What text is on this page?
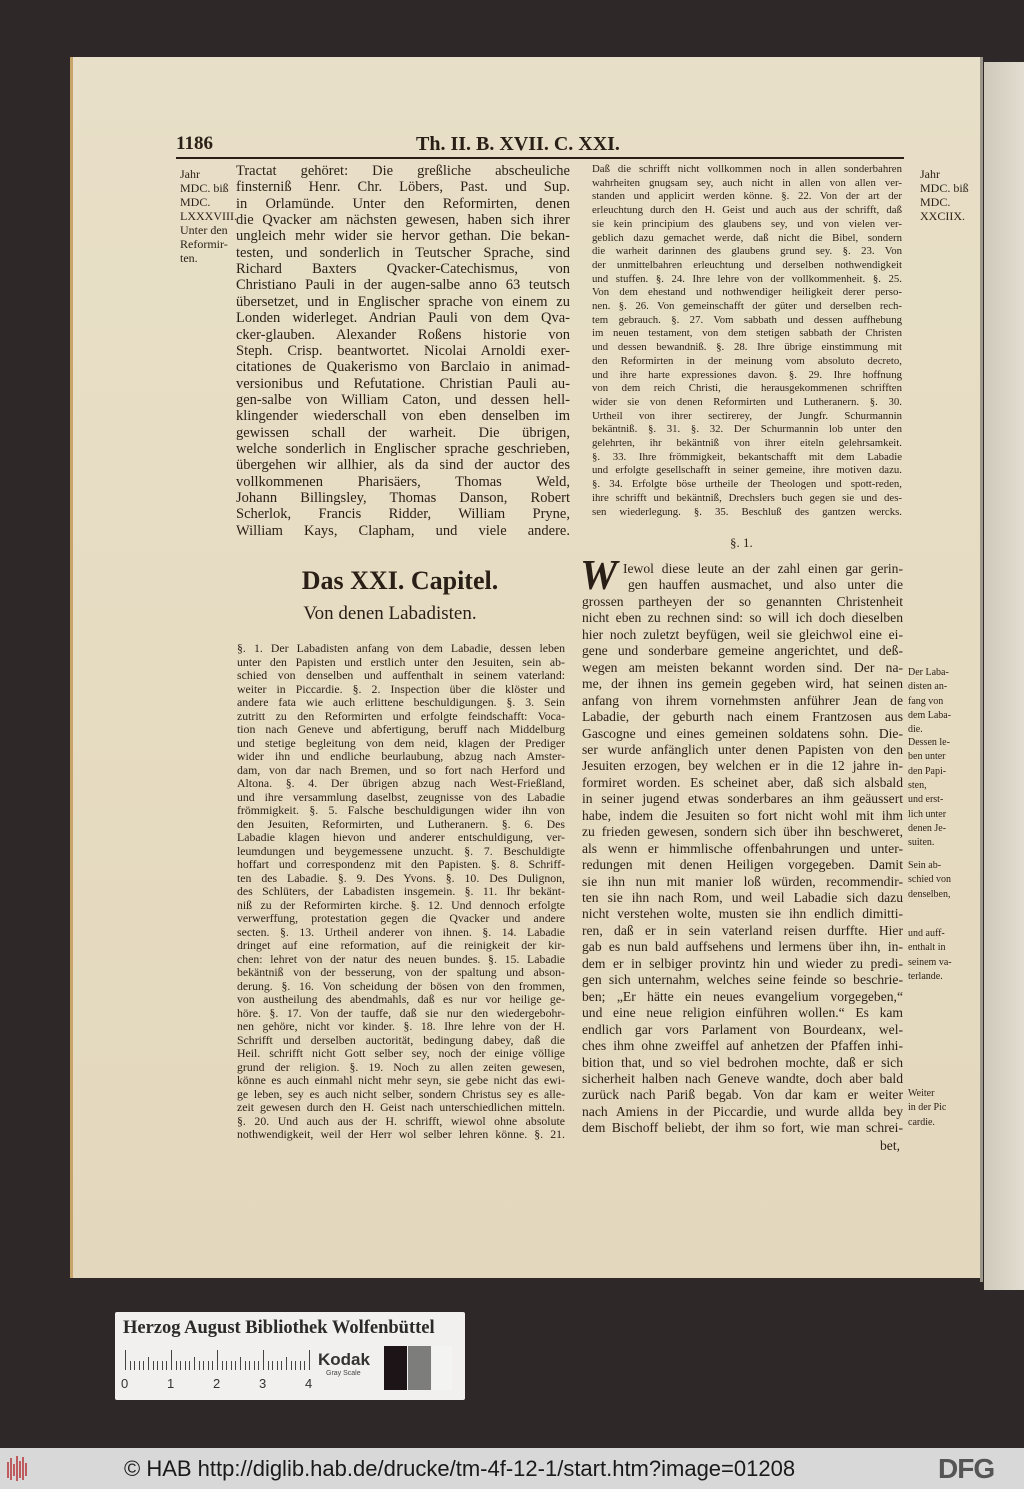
1186	Th. II. B. XVII. C. XXI.
Tractat gehöret: Die greßliche abscheuliche
finsterniß Henr. Chr. Löbers, Past. und Sup.
in Orlamünde. Unter den Reformirten, denen
die Qvacker am nächsten gewesen, haben sich ihrer
ungleich mehr wider sie hervor gethan. Die bekan-
testen, und sonderlich in Teutscher Sprache, sind
Richard Baxters Qvacker-Catechismus, von
Christiano Pauli in der augen-salbe anno 63 teutsch
übersetzet, und in Englischer sprache von einem zu
Londen widerleget. Andrian Pauli von dem Qva-
cker-glauben. Alexander Roßens historie von
Steph. Crisp. beantwortet. Nicolai Arnoldi exer-
citationes de Quakerismo von Barclaio in animad-
versionibus und Refutatione. Christian Pauli au-
gen-salbe von William Caton, und dessen hell-
klingender wiederschall von eben denselben im
gewissen schall der warheit. Die übrigen,
welche sonderlich in Englischer sprache geschrieben,
übergehen wir allhier, als da sind der auctor des
vollkommenen Pharisäers, Thomas Weld,
Johann Billingsley, Thomas Danson, Robert
Scherlok, Francis Ridder, William Pryne,
William Kays, Clapham, und viele andere.
Daß die schrifft nicht vollkommen noch in allen sonderbahren
wahrheiten gnugsam sey, auch nicht in allen von allen ver-
standen und applicirt werden könne. §. 22. Von der art der
erleuchtung durch den H. Geist und auch aus der schrifft, daß
sie kein principium des glaubens sey, und von vielen ver-
geblich dazu gemachet werde, daß nicht die Bibel, sondern
die warheit darinnen des glaubens grund sey. §. 23. Von
der unmittelbahren erleuchtung und derselben nothwendigkeit
und stuffen. §. 24. Ihre lehre von der vollkommenheit. §. 25.
Von dem ehestand und nothwendiger heiligkeit derer perso-
nen. §. 26. Von gemeinschafft der güter und derselben rech-
tem gebrauch. §. 27. Vom sabbath und dessen auffhebung
im neuen testament, von dem stetigen sabbath der Christen
und dessen bewandniß. §. 28. Ihre übrige einstimmung mit
den Reformirten in der meinung vom absoluto decreto,
und ihre harte expressiones davon. §. 29. Ihre hoffnung
von dem reich Christi, die herausgekommenen schrifften
wider sie von denen Reformirten und Lutheranern. §. 30.
Urtheil von ihrer sectirerey, der Jungfr. Schurmannin
bekäntniß. §. 31. §. 32. Der Schurmannin lob unter den
gelehrten, ihr bekäntniß von ihrer eiteln gelehrsamkeit.
§. 33. Ihre frömmigkeit, bekantschafft mit dem Labadie
und erfolgte gesellschafft in seiner gemeine, ihre motiven dazu.
§. 34. Erfolgte böse urtheile der Theologen und spott-reden,
ihre schrifft und bekäntniß, Drechslers buch gegen sie und des-
sen wiederlegung. §. 35. Beschluß des gantzen wercks.
§. 1. Der Labadisten anfang von dem Labadie, dessen leben
unter den Papisten und erstlich unter den Jesuiten, sein ab-
schied von denselben und auffenthalt in seinem vaterland:
weiter in Piccardie. §. 2. Inspection über die klöster und
andere fata wie auch erlittene beschuldigungen. §. 3. Sein
zutritt zu den Reformirten und erfolgte feindschafft: Voca-
tion nach Geneve und abfertigung, beruff nach Middelburg
und stetige begleitung von dem neid, klagen der Prediger
wider ihn und endliche beurlaubung, abzug nach Amster-
dam, von dar nach Bremen, und so fort nach Herford und
Altona. §. 4. Der übrigen abzug nach West-Frießland,
und ihre versammlung daselbst, zeugnisse von des Labadie
frömmigkeit. §. 5. Falsche beschuldigungen wider ihn von
den Jesuiten, Reformirten, und Lutheranern. §. 6. Des
Labadie klagen hievon und anderer entschuldigung, ver-
leumdungen und beygemessene unzucht. §. 7. Beschuldigte
hoffart und correspondenz mit den Papisten. §. 8. Schriff-
ten des Labadie. §. 9. Des Yvons. §. 10. Des Dulignon,
des Schlüters, der Labadisten insgemein. §. 11. Ihr bekänt-
niß zu der Reformirten kirche. §. 12. Und dennoch erfolgte
verwerffung, protestation gegen die Qvacker und andere
secten. §. 13. Urtheil anderer von ihnen. §. 14. Labadie
dringet auf eine reformation, auf die reinigkeit der kir-
chen: lehret von der natur des neuen bundes. §. 15. Labadie
bekäntniß von der besserung, von der spaltung und abson-
derung. §. 16. Von scheidung der bösen von den frommen,
von austheilung des abendmahls, daß es nur vor heilige ge-
höre. §. 17. Von der tauffe, daß sie nur den wiedergebohr-
nen gehöre, nicht vor kinder. §. 18. Ihre lehre von der H.
Schrifft und derselben auctorität, bedingung dabey, daß die
Heil. schrifft nicht Gott selber sey, noch der einige völlige
grund der religion. §. 19. Noch zu allen zeiten gewesen,
könne es auch einmahl nicht mehr seyn, sie gebe nicht das ewi-
ge leben, sey es auch nicht selber, sondern Christus sey es alle-
zeit gewesen durch den H. Geist nach unterschiedlichen mitteln.
§. 20. Und auch aus der H. schrifft, wiewol ohne absolute
nothwendigkeit, weil der Herr wol selber lehren könne. §. 21.
Iewol diese leute an der zahl einen gar gerin-
gen hauffen ausmachet, und also unter die
grossen partheyen der so genannten Christenheit
nicht eben zu rechnen sind: so will ich doch dieselben
hier noch zuletzt beyfügen, weil sie gleichwol eine ei-
gene und sonderbare gemeine angerichtet, und deß-
wegen am meisten bekannt worden sind. Der na-
me, der ihnen ins gemein gegeben wird, hat seinen
anfang von ihrem vornehmsten anführer Jean de
Labadie, der geburth nach einem Frantzosen aus
Gascogne und eines gemeinen soldatens sohn. Die-
ser wurde anfänglich unter denen Papisten von den
Jesuiten erzogen, bey welchen er in die 12 jahre in-
formiret worden. Es scheinet aber, daß sich alsbald
in seiner jugend etwas sonderbares an ihm geäussert
habe, indem die Jesuiten so fort nicht wohl mit ihm
zu frieden gewesen, sondern sich über ihn beschweret,
als wenn er himmlische offenbahrungen und unter-
redungen mit denen Heiligen vorgegeben. Damit
sie ihn nun mit manier loß würden, recommendir-
ten sie ihn nach Rom, und weil Labadie sich dazu
nicht verstehen wolte, musten sie ihn endlich dimitti-
ren, daß er in sein vaterland reisen durffte. Hier
gab es nun bald auffsehens und lermens über ihn, in-
dem er in selbiger provintz hin und wieder zu predi-
gen sich unternahm, welches seine feinde so beschrie-
ben; „Er hätte ein neues evangelium vorgegeben,“
und eine neue religion einführen wollen.“ Es kam
endlich gar vors Parlament von Bourdeanx, wel-
ches ihm ohne zweiffel auf anhetzen der Pfaffen inhi-
bition that, und so viel bedrohen mochte, daß er sich
sicherheit halben nach Geneve wandte, doch aber bald
zurück nach Pariß begab. Von dar kam er weiter
nach Amiens in der Piccardie, und wurde allda bey
dem Bischoff beliebt, der ihm so fort, wie man schrei-
Das XXI. Capitel.
Von denen Labadisten.
§. 1.
W
bet,
Der Laba-
disten an-
fang von
dem Laba-
die.
Dessen le-
ben unter
den Papi-
sten,
und erst-
lich unter
denen Je-
suiten.
Sein ab-
schied von
denselben,
und auff-
enthalt in
seinem va-
terlande.
Weiter
in der Pic
cardie.
Herzog August Bibliothek Wolfenbüttel
Kodak
Gray Scale
0	1	2	3	4
© HAB http://diglib.hab.de/drucke/tm-4f-12-1/start.htm?image=01208	DFG
Jahr
MDC. biß
MDC.
LXXXVIII.
Unter den
Reformir-
ten.
Jahr
MDC. biß
MDC.
XXCIIX.
